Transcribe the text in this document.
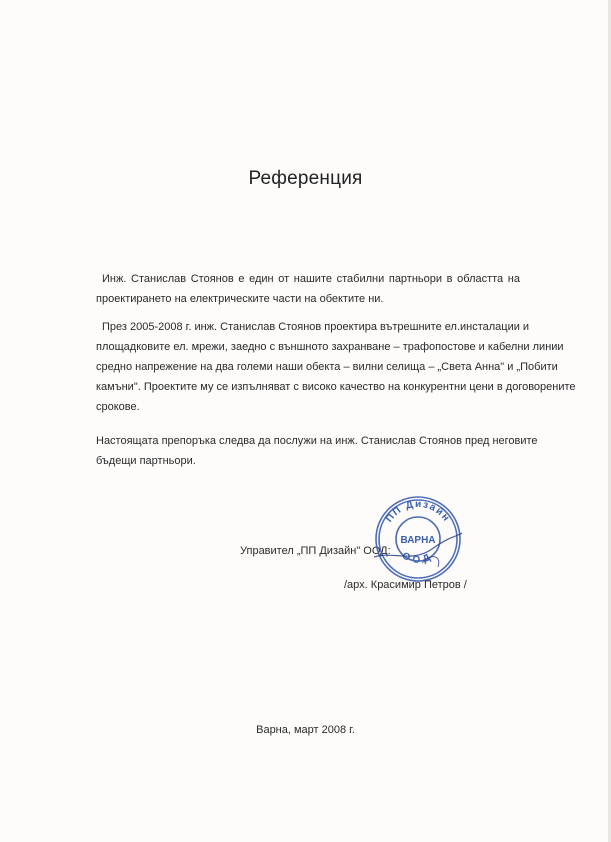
Референция
Инж. Станислав Стоянов е един от нашите стабилни партньори в областта на
проектирането на електрическите части на обектите ни.
През 2005-2008 г. инж. Станислав Стоянов проектира вътрешните ел.инсталации и
площадковите ел. мрежи, заедно с външното захранване – трафопостове и кабелни линии
средно напрежение на два големи наши обекта – вилни селища – „Света Анна" и „Побити
камъни". Проектите му се изпълняват с високо качество на конкурентни цени в договорените
срокове.
Настоящата препоръка следва да послужи на инж. Станислав Стоянов пред неговите
бъдещи партньори.
Управител „ПП Дизайн" ООД:
ПП Дизайн
ООД
ВАРНА
/арх. Красимир Петров /
Варна, март 2008 г.
